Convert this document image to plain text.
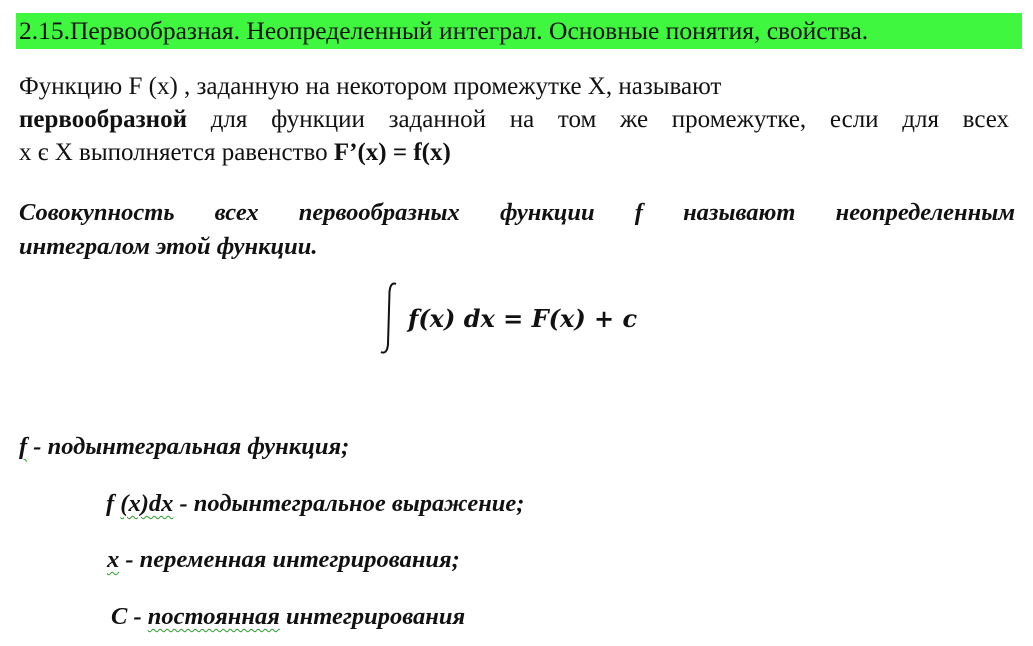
2.15.Первообразная. Неопределенный интеграл. Основные понятия, свойства.
Функцию F (x) , заданную на некотором промежутке X, называют
первообразной для функции заданной на том же промежутке, если для всех
x є X выполняется равенство F’(x) = f(x)
Совокупность всех первообразных функции f называют неопределенным
интегралом этой функции.
𝒇(𝒙) 𝒅𝒙 = 𝑭(𝒙) + 𝒄
f - подынтегральная функция;
f (x)dx - подынтегральное выражение;
x - переменная интегрирования;
C - постоянная интегрирования
